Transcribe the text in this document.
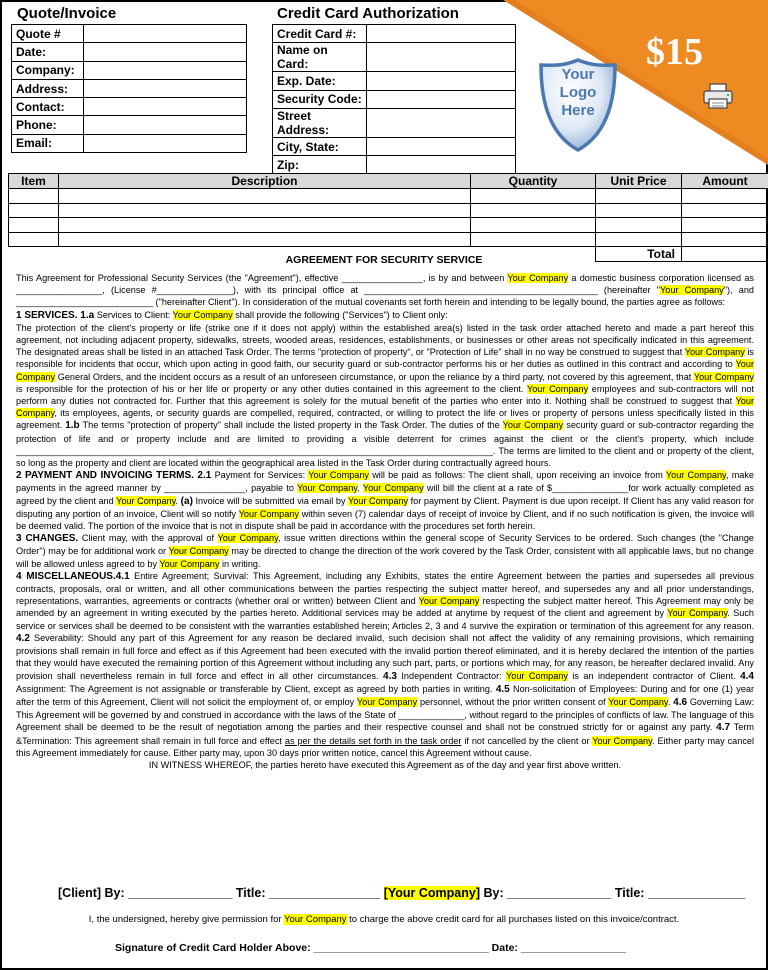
$15
Your
Logo
Here
Quote/Invoice
Quote #	
Date:	
Company:	
Address:	
Contact:	
Phone:	
Email:	
Credit Card Authorization
Credit Card #:	
Name on Card:	
Exp. Date:	
Security Code:	
Street Address:	
City, State:	
Zip:	
Item	Description	Quantity	Unit Price	Amount

			Total	
AGREEMENT FOR SECURITY SERVICE

This Agreement for Professional Security Services (the "Agreement"), effective ________________, is by and between Your Company a domestic business corporation licensed as _________________, (License #_______________), with its principal office at ______________________________________________ (hereinafter "Your Company"), and ___________________________ ("hereinafter Client"). In consideration of the mutual covenants set forth herein and intending to be legally bound, the parties agree as follows:

1 SERVICES. 1.a Services to Client: Your Company shall provide the following ("Services") to Client only:

The protection of the client's property or life (strike one if it does not apply) within the established area(s) listed in the task order attached hereto and made a part hereof this agreement, not including adjacent property, sidewalks, streets, wooded areas, residences, establishments, or businesses or other areas not specifically indicated in this agreement. The designated areas shall be listed in an attached Task Order. The terms "protection of property", or "Protection of Life" shall in no way be construed to suggest that Your Company is responsible for incidents that occur, which upon acting in good faith, our security guard or sub-contractor performs his or her duties as outlined in this contract and according to Your Company General Orders, and the incident occurs as a result of an unforeseen circumstance, or upon the reliance by a third party, not covered by this agreement, that Your Company is responsible for the protection of his or her life or property or any other duties contained in this agreement to the client. Your Company employees and sub-contractors will not perform any duties not contracted for. Further that this agreement is solely for the mutual benefit of the parties who enter into it. Nothing shall be construed to suggest that Your Company, its employees, agents, or security guards are compelled, required, contracted, or willing to protect the life or lives or property of persons unless specifically listed in this agreement. 1.b The terms "protection of property" shall include the listed property in the Task Order. The duties of the Your Company security guard or sub-contractor regarding the protection of life and or property include and are limited to providing a visible deterrent for crimes against the client or the client's property, which include ______________________________________________________________________________________________. The terms are limited to the client and or property of the client, so long as the property and client are located within the geographical area listed in the Task Order during contractually agreed hours.

2 PAYMENT AND INVOICING TERMS. 2.1 Payment for Services: Your Company will be paid as follows: The client shall, upon receiving an invoice from Your Company, make payments in the agreed manner by ________________, payable to Your Company. Your Company will bill the client at a rate of $_______________for work actually completed as agreed by the client and Your Company. (a) Invoice will be submitted via email by Your Company for payment by Client. Payment is due upon receipt. If Client has any valid reason for disputing any portion of an invoice, Client will so notify Your Company within seven (7) calendar days of receipt of invoice by Client, and if no such notification is given, the invoice will be deemed valid. The portion of the invoice that is not in dispute shall be paid in accordance with the procedures set forth herein.

3 CHANGES. Client may, with the approval of Your Company, issue written directions within the general scope of Security Services to be ordered. Such changes (the "Change Order") may be for additional work or Your Company may be directed to change the direction of the work covered by the Task Order, consistent with all applicable laws, but no change will be allowed unless agreed to by Your Company in writing.

4 MISCELLANEOUS.4.1 Entire Agreement; Survival: This Agreement, including any Exhibits, states the entire Agreement between the parties and supersedes all previous contracts, proposals, oral or written, and all other communications between the parties respecting the subject matter hereof, and supersedes any and all prior understandings, representations, warranties, agreements or contracts (whether oral or written) between Client and Your Company respecting the subject matter hereof. This Agreement may only be amended by an agreement in writing executed by the parties hereto. Additional services may be added at anytime by request of the client and agreement by Your Company. Such service or services shall be deemed to be consistent with the warranties established herein; Articles 2, 3 and 4 survive the expiration or termination of this agreement for any reason. 4.2 Severability: Should any part of this Agreement for any reason be declared invalid, such decision shall not affect the validity of any remaining provisions, which remaining provisions shall remain in full force and effect as if this Agreement had been executed with the invalid portion thereof eliminated, and it is hereby declared the intention of the parties that they would have executed the remaining portion of this Agreement without including any such part, parts, or portions which may, for any reason, be hereafter declared invalid. Any provision shall nevertheless remain in full force and effect in all other circumstances. 4.3 Independent Contractor: Your Company is an independent contractor of Client. 4.4 Assignment: The Agreement is not assignable or transferable by Client, except as agreed by both parties in writing. 4.5 Non-solicitation of Employees: During and for one (1) year after the term of this Agreement, Client will not solicit the employment of, or employ Your Company personnel, without the prior written consent of Your Company. 4.6 Governing Law: This Agreement will be governed by and construed in accordance with the laws of the State of _____________, without regard to the principles of conflicts of law. The language of this Agreement shall be deemed to be the result of negotiation among the parties and their respective counsel and shall not be construed strictly for or against any party. 4.7 Term &Termination: This agreement shall remain in full force and effect as per the details set forth in the task order if not cancelled by the client or Your Company. Either party may cancel this Agreement immediately for cause. Either party may, upon 30 days prior written notice, cancel this Agreement without cause.

IN WITNESS WHEREOF, the parties hereto have executed this Agreement as of the day and year first above written.

[Client] By: _______________ Title: ________________ [Your Company] By: _______________ Title: ______________
I, the undersigned, hereby give permission for Your Company to charge the above credit card for all purchases listed on this invoice/contract.
Signature of Credit Card Holder Above: ______________________________ Date: __________________
